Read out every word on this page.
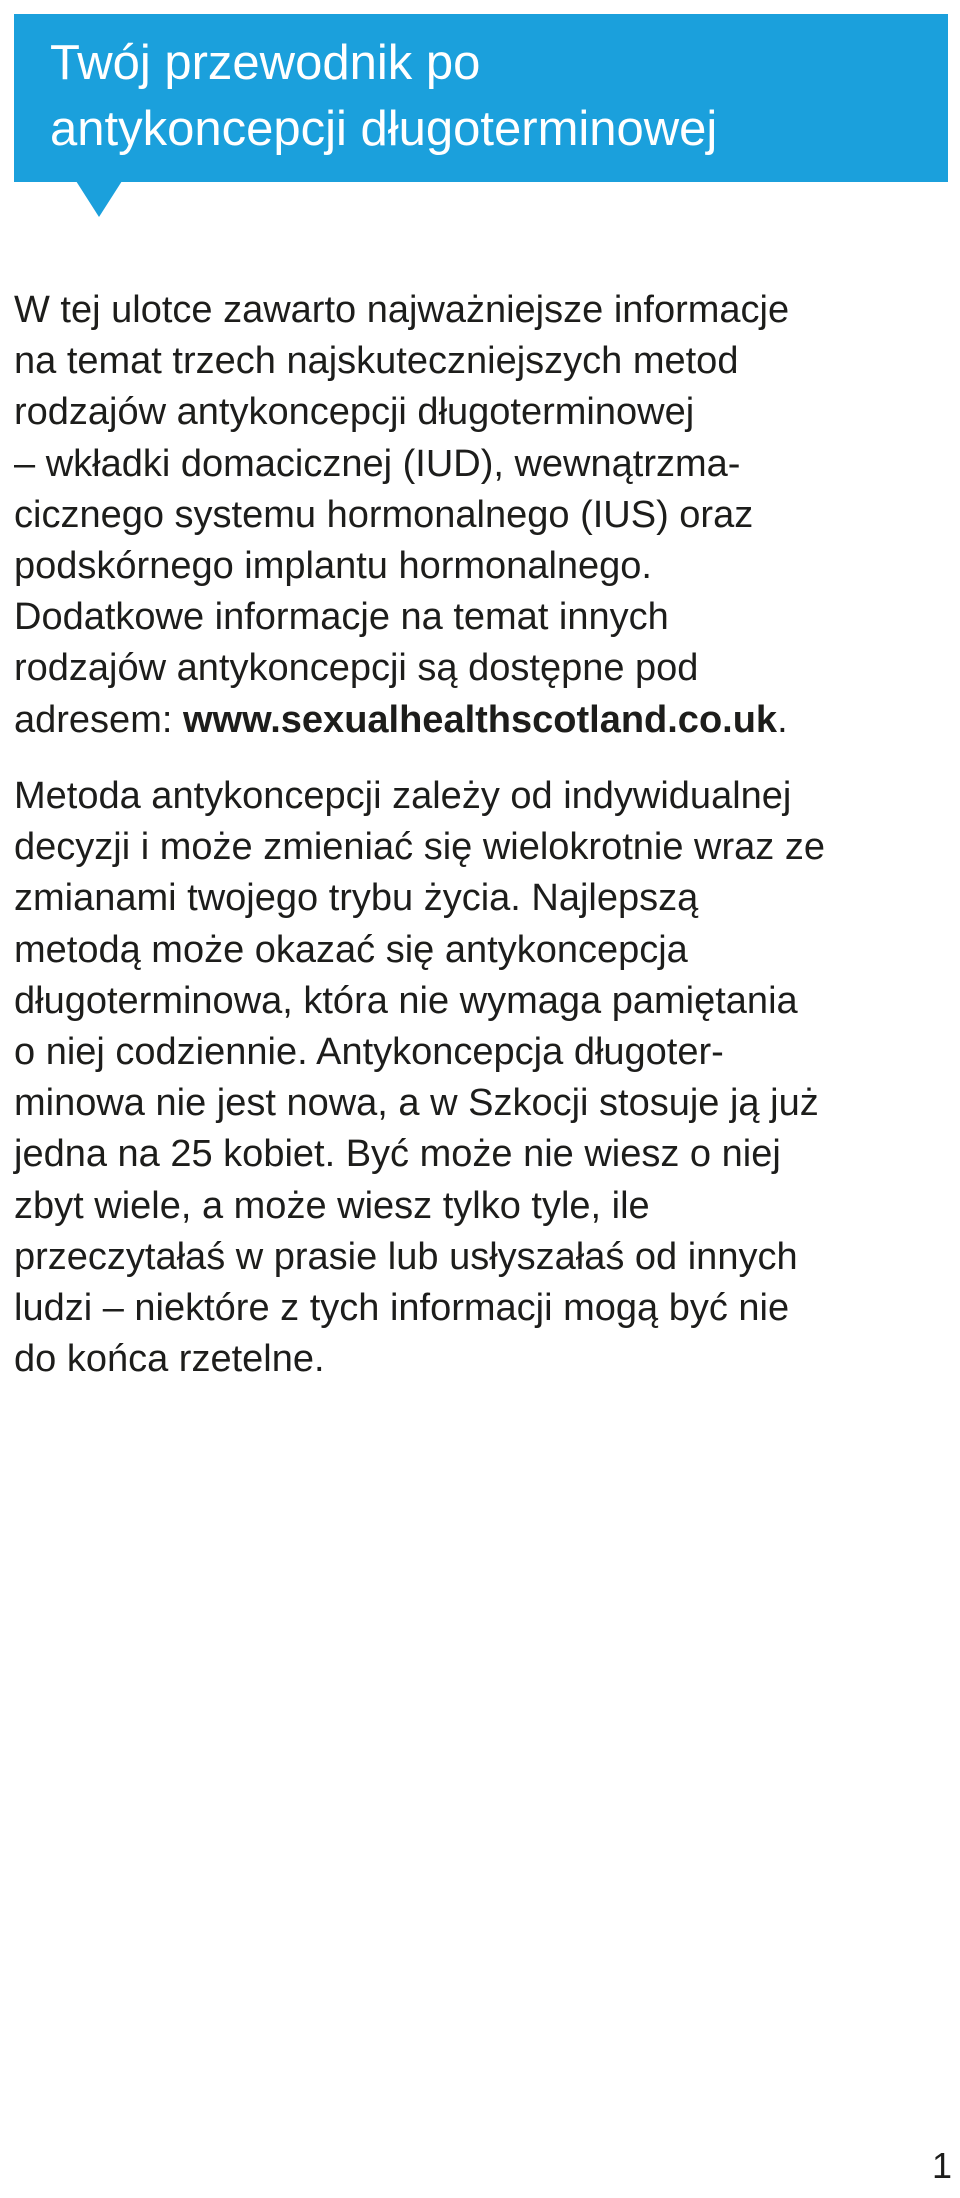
Twój przewodnik po
antykoncepcji długoterminowej

W tej ulotce zawarto najważniejsze informacje
na temat trzech najskuteczniejszych metod
rodzajów antykoncepcji długoterminowej
– wkładki domacicznej (IUD), wewnątrzma-
cicznego systemu hormonalnego (IUS) oraz
podskórnego implantu hormonalnego.
Dodatkowe informacje na temat innych
rodzajów antykoncepcji są dostępne pod
adresem: www.sexualhealthscotland.co.uk.

Metoda antykoncepcji zależy od indywidualnej
decyzji i może zmieniać się wielokrotnie wraz ze
zmianami twojego trybu życia. Najlepszą
metodą może okazać się antykoncepcja
długoterminowa, która nie wymaga pamiętania
o niej codziennie. Antykoncepcja długoter-
minowa nie jest nowa, a w Szkocji stosuje ją już
jedna na 25 kobiet. Być może nie wiesz o niej
zbyt wiele, a może wiesz tylko tyle, ile
przeczytałaś w prasie lub usłyszałaś od innych
ludzi – niektóre z tych informacji mogą być nie
do końca rzetelne.

1
